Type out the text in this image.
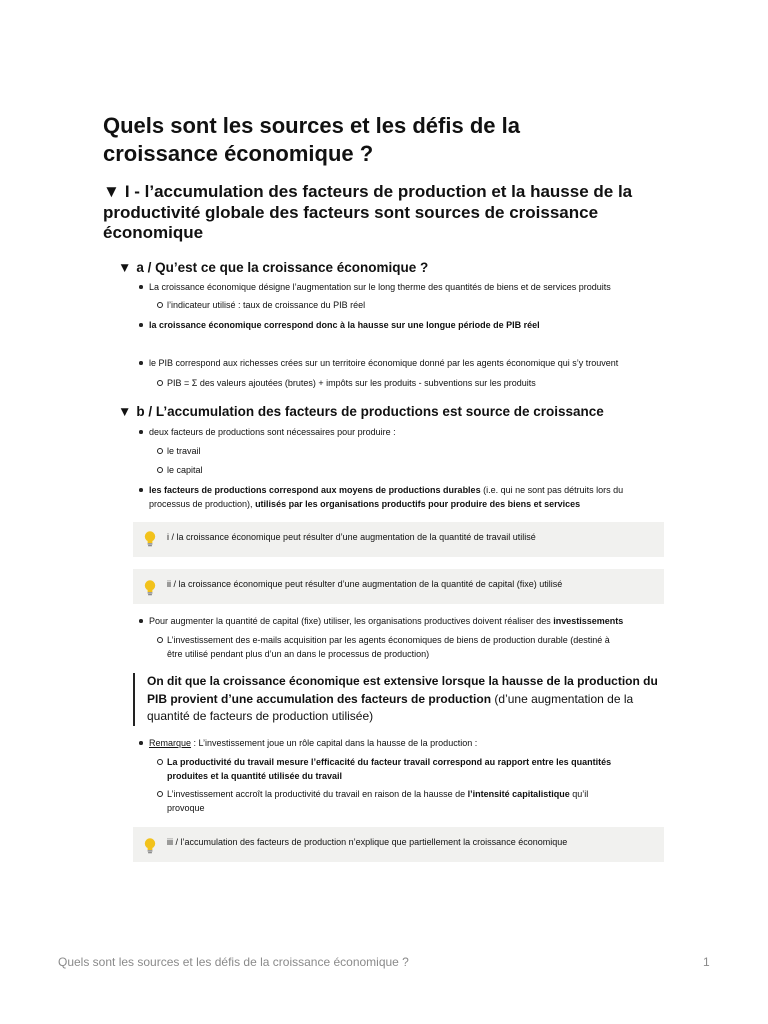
Quels sont les sources et les défis de la croissance économique ?
▼ I - l’accumulation des facteurs de production et la hausse de la
productivité globale des facteurs sont sources de croissance
économique
▼ a / Qu’est ce que la croissance économique ?
La croissance économique désigne l’augmentation sur le long therme des quantités de biens et de services produits
l’indicateur utilisé : taux de croissance du PIB réel
la croissance économique correspond donc à la hausse sur une longue période de PIB réel
le PIB correspond aux richesses crées sur un territoire économique donné par les agents économique qui s’y trouvent
PIB = Σ des valeurs ajoutées (brutes) + impôts sur les produits - subventions sur les produits
▼ b / L’accumulation des facteurs de productions est source de croissance
deux facteurs de productions sont nécessaires pour produire :
le travail
le capital
les facteurs de productions correspond aux moyens de productions durables (i.e. qui ne sont pas détruits lors du
processus de production), utilisés par les organisations productifs pour produire des biens et services
i / la croissance économique peut résulter d’une augmentation de la quantité de travail utilisé
ii / la croissance économique peut résulter d’une augmentation de la quantité de capital (fixe) utilisé
Pour augmenter la quantité de capital (fixe) utiliser, les organisations productives doivent réaliser des investissements
L’investissement des e-mails acquisition par les agents économiques de biens de production durable (destiné à
être utilisé pendant plus d’un an dans le processus de production)
On dit que la croissance économique est extensive lorsque la hausse de la production du
PIB provient d’une accumulation des facteurs de production (d’une augmentation de la
quantité de facteurs de production utilisée)
Remarque : L’investissement joue un rôle capital dans la hausse de la production :
La productivité du travail mesure l’efficacité du facteur travail correspond au rapport entre les quantités
produites et la quantité utilisée du travail
L’investissement accroît la productivité du travail en raison de la hausse de l’intensité capitalistique qu’il
provoque
iii / l’accumulation des facteurs de production n’explique que partiellement la croissance économique
Quels sont les sources et les défis de la croissance économique ?	1
